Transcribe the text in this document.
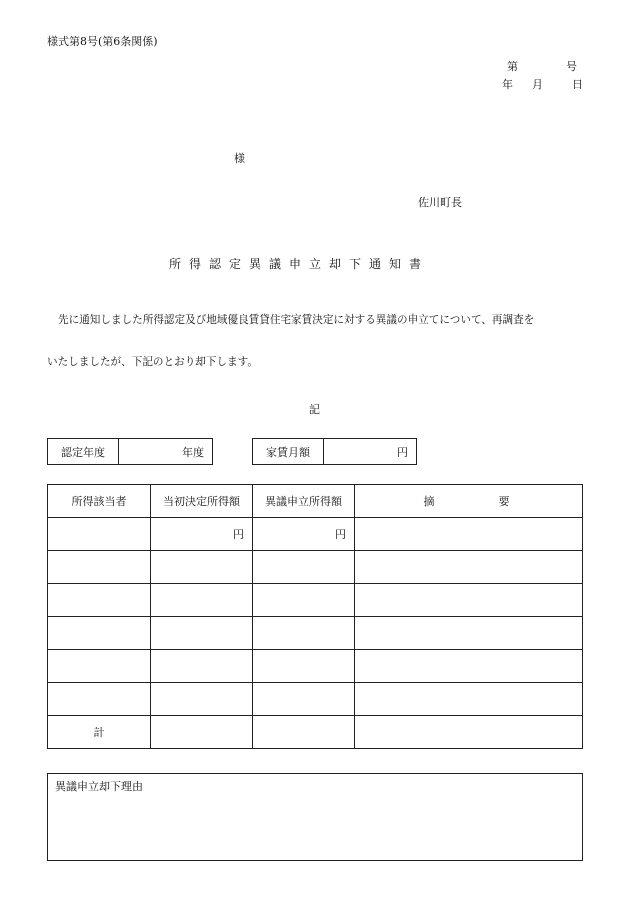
様式第8号(第6条関係)
第	号
年 月	日
様
佐川町長
所得認定異議申立却下通知書
先に通知しました所得認定及び地域優良賃貸住宅家賃決定に対する異議の申立てについて、再調査を
いたしましたが、下記のとおり却下します。
記
認定年度	年度	家賃月額	円
所得該当者	当初決定所得額	異議申立所得額	摘　　　　要
	円	円	

計			
異議申立却下理由
